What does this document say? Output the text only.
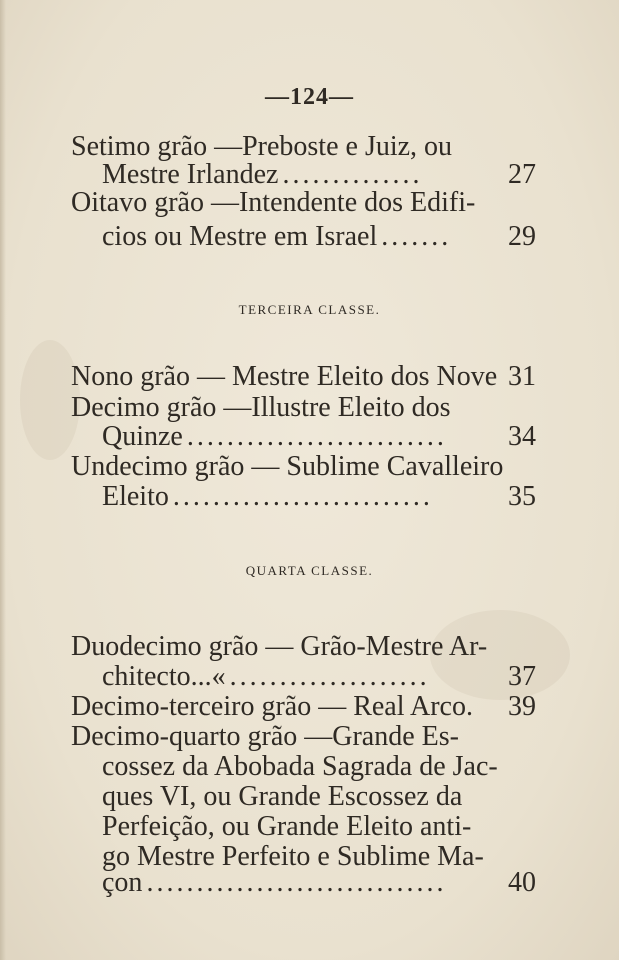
—124—
Setimo grão —Preboste e Juiz, ou
Mestre Irlandez ..............	27
Oitavo grão —Intendente dos Edifi-
cios ou Mestre em Israel .......	29
TERCEIRA CLASSE.
Nono grão — Mestre Eleito dos Nove 31
Decimo grão —Illustre Eleito dos
Quinze ..........................	34
Undecimo grão — Sublime Cavalleiro
Eleito ..........................	35
QUARTA CLASSE.
Duodecimo grão — Grão-Mestre Ar-
chitecto...« ....................	37
Decimo-terceiro grão — Real Arco. 39
Decimo-quarto grão —Grande Es-
cossez da Abobada Sagrada de Jac-
ques VI, ou Grande Escossez da
Perfeição, ou Grande Eleito anti-
go Mestre Perfeito e Sublime Ma-
çon ..............................	40
